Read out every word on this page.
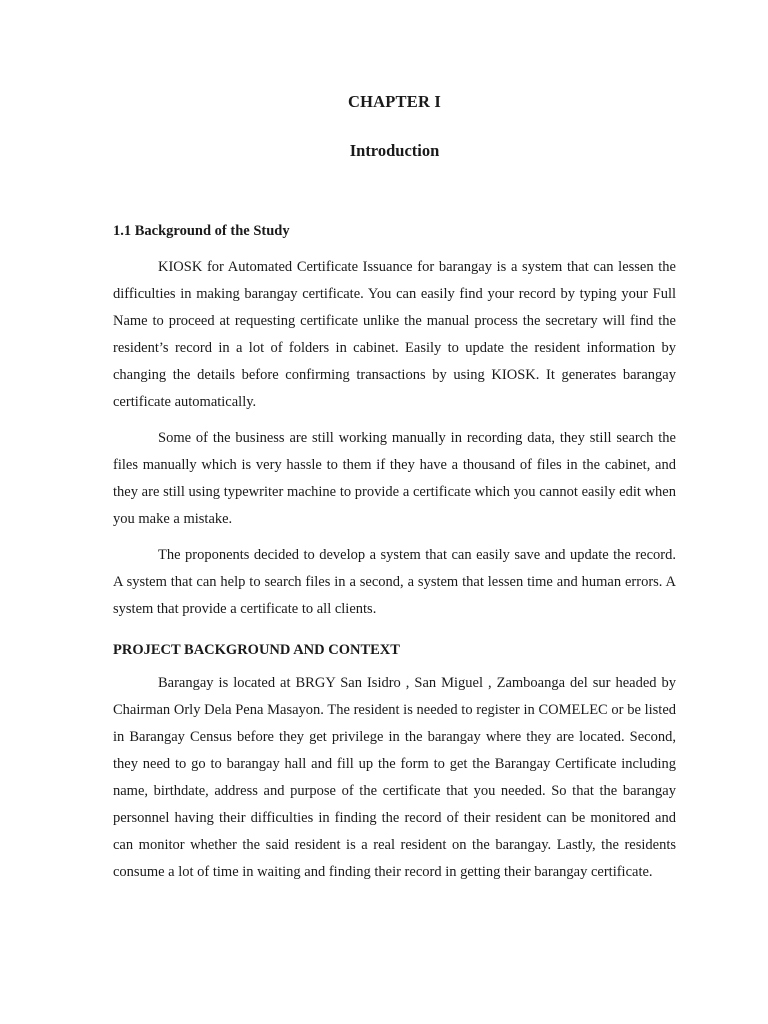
CHAPTER I
Introduction
1.1 Background of the Study

KIOSK for Automated Certificate Issuance for barangay is a system that can lessen the difficulties in making barangay certificate. You can easily find your record by typing your Full Name to proceed at requesting certificate unlike the manual process the secretary will find the resident’s record in a lot of folders in cabinet. Easily to update the resident information by changing the details before confirming transactions by using KIOSK. It generates barangay certificate automatically.

Some of the business are still working manually in recording data, they still search the files manually which is very hassle to them if they have a thousand of files in the cabinet, and they are still using typewriter machine to provide a certificate which you cannot easily edit when you make a mistake.

The proponents decided to develop a system that can easily save and update the record. A system that can help to search files in a second, a system that lessen time and human errors. A system that provide a certificate to all clients.

PROJECT BACKGROUND AND CONTEXT

Barangay is located at BRGY San Isidro , San Miguel , Zamboanga del sur headed by Chairman Orly Dela Pena Masayon. The resident is needed to register in COMELEC or be listed in Barangay Census before they get privilege in the barangay where they are located. Second, they need to go to barangay hall and fill up the form to get the Barangay Certificate including name, birthdate, address and purpose of the certificate that you needed. So that the barangay personnel having their difficulties in finding the record of their resident can be monitored and can monitor whether the said resident is a real resident on the barangay. Lastly, the residents consume a lot of time in waiting and finding their record in getting their barangay certificate.
